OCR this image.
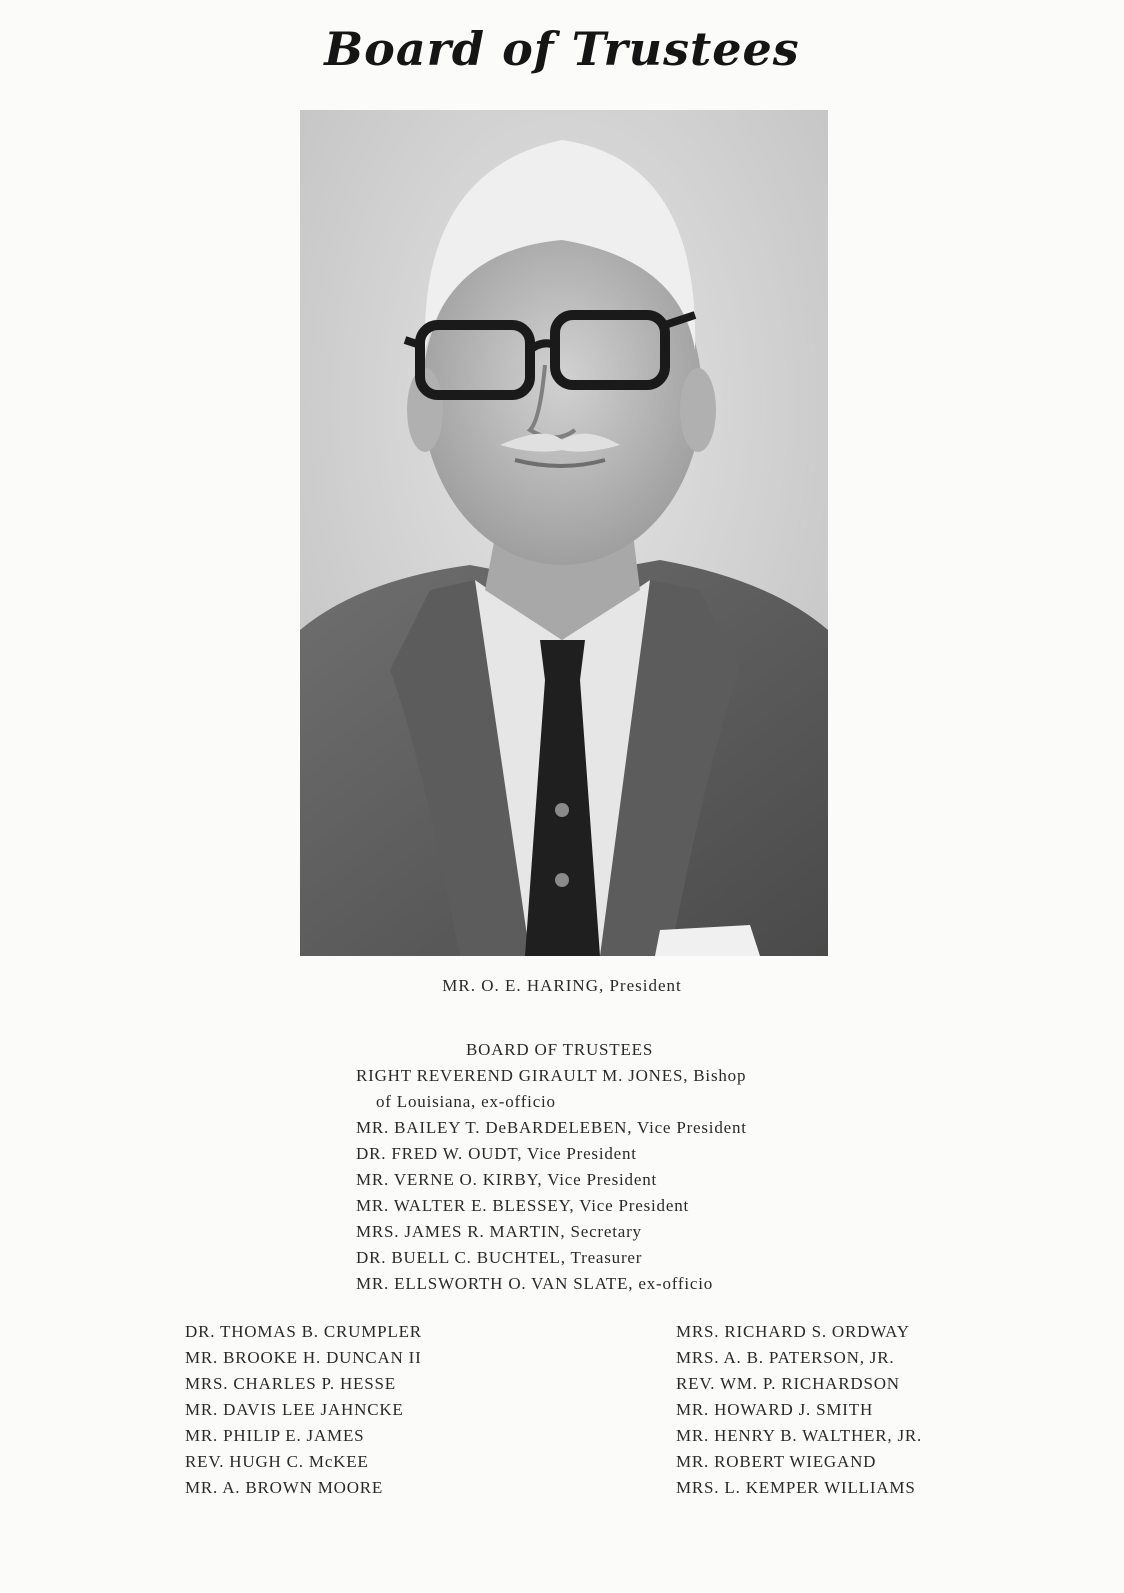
Board of Trustees
MR. O. E. HARING, President
BOARD OF TRUSTEES
RIGHT REVEREND GIRAULT M. JONES, Bishop
of Louisiana, ex-officio
MR. BAILEY T. DeBARDELEBEN, Vice President
DR. FRED W. OUDT, Vice President
MR. VERNE O. KIRBY, Vice President
MR. WALTER E. BLESSEY, Vice President
MRS. JAMES R. MARTIN, Secretary
DR. BUELL C. BUCHTEL, Treasurer
MR. ELLSWORTH O. VAN SLATE, ex-officio
DR. THOMAS B. CRUMPLER
MR. BROOKE H. DUNCAN II
MRS. CHARLES P. HESSE
MR. DAVIS LEE JAHNCKE
MR. PHILIP E. JAMES
REV. HUGH C. McKEE
MR. A. BROWN MOORE
MRS. RICHARD S. ORDWAY
MRS. A. B. PATERSON, JR.
REV. WM. P. RICHARDSON
MR. HOWARD J. SMITH
MR. HENRY B. WALTHER, JR.
MR. ROBERT WIEGAND
MRS. L. KEMPER WILLIAMS
